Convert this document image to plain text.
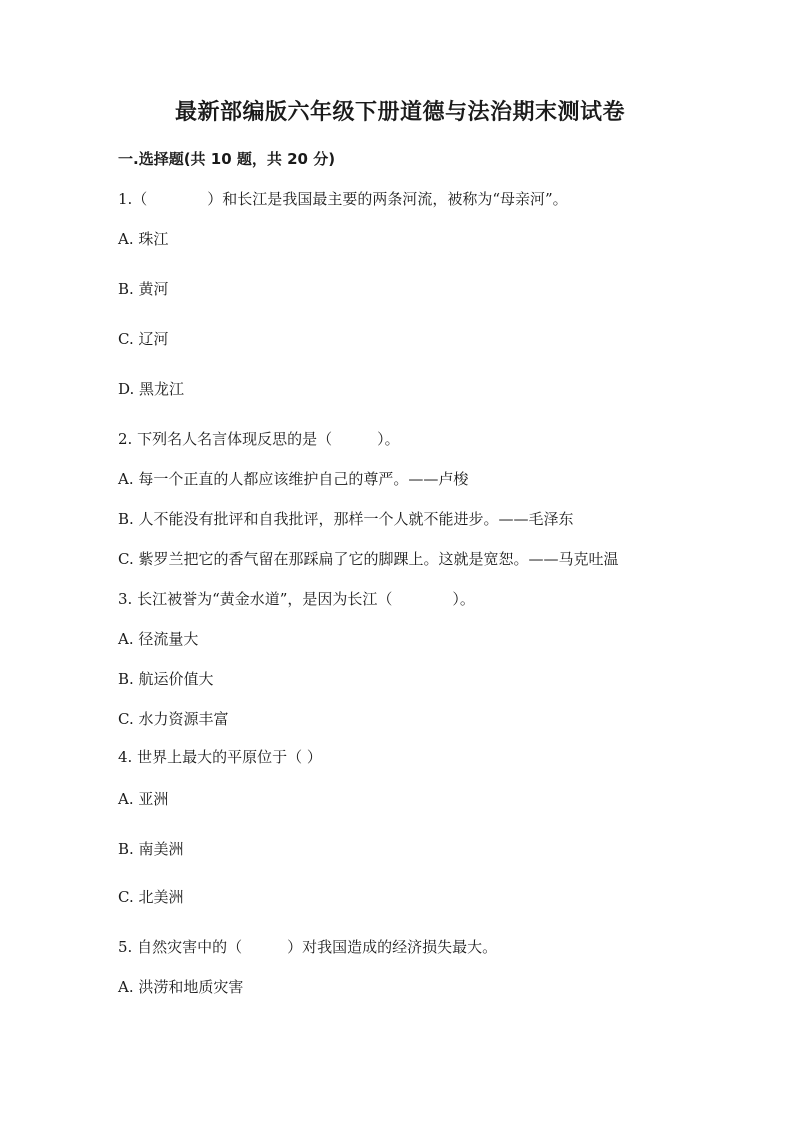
最新部编版六年级下册道德与法治期末测试卷
一.选择题(共 10 题，共 20 分)
1.（　　　　）和长江是我国最主要的两条河流，被称为“母亲河”。
A. 珠江
B. 黄河
C. 辽河
D. 黑龙江
2. 下列名人名言体现反思的是（　　　）。
A. 每一个正直的人都应该维护自己的尊严。——卢梭
B. 人不能没有批评和自我批评，那样一个人就不能进步。——毛泽东
C. 紫罗兰把它的香气留在那踩扁了它的脚踝上。这就是宽恕。——马克吐温
3. 长江被誉为“黄金水道”，是因为长江（　　　　）。
A. 径流量大
B. 航运价值大
C. 水力资源丰富
4. 世界上最大的平原位于（ ）
A. 亚洲
B. 南美洲
C. 北美洲
5. 自然灾害中的（　　　）对我国造成的经济损失最大。
A. 洪涝和地质灾害
